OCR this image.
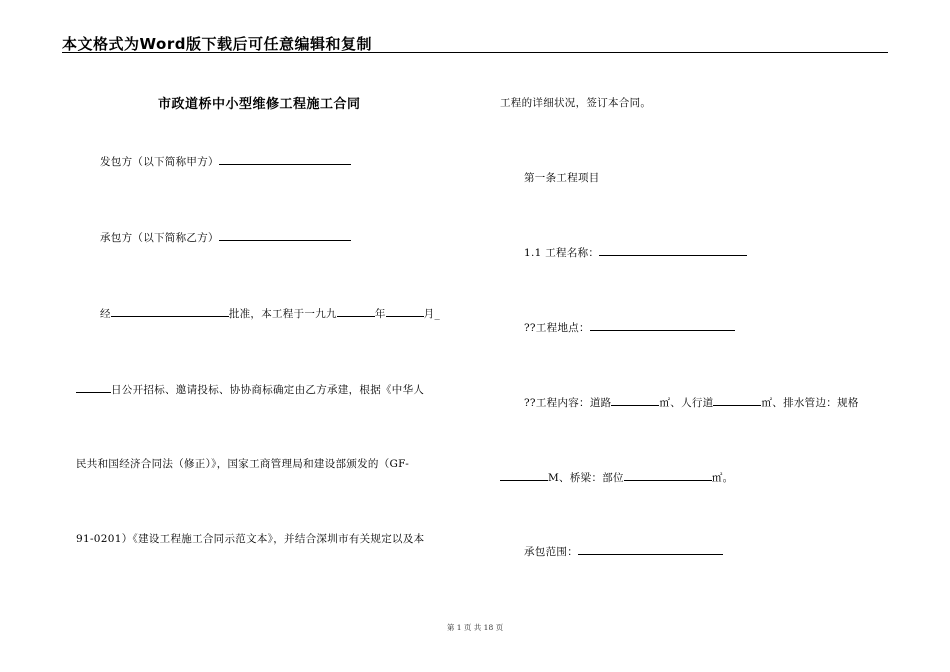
本文格式为Word版下载后可任意编辑和复制
市政道桥中小型维修工程施工合同
发包方（以下简称甲方）
承包方（以下简称乙方）
经	批准，本工程于一九九	年	月_
日公开招标、邀请投标、协协商标确定由乙方承建，根据《中华人
民共和国经济合同法（修正）》，国家工商管理局和建设部颁发的（GF-
91-0201）《建设工程施工合同示范文本》，并结合深圳市有关规定以及本
工程的详细状况，签订本合同。
第一条工程项目
1.1 工程名称：
??工程地点：
??工程内容：道路	㎡、人行道	㎡、排水管边：规格
M、桥梁：部位	㎡。
承包范围：
第 1 页 共 18 页
